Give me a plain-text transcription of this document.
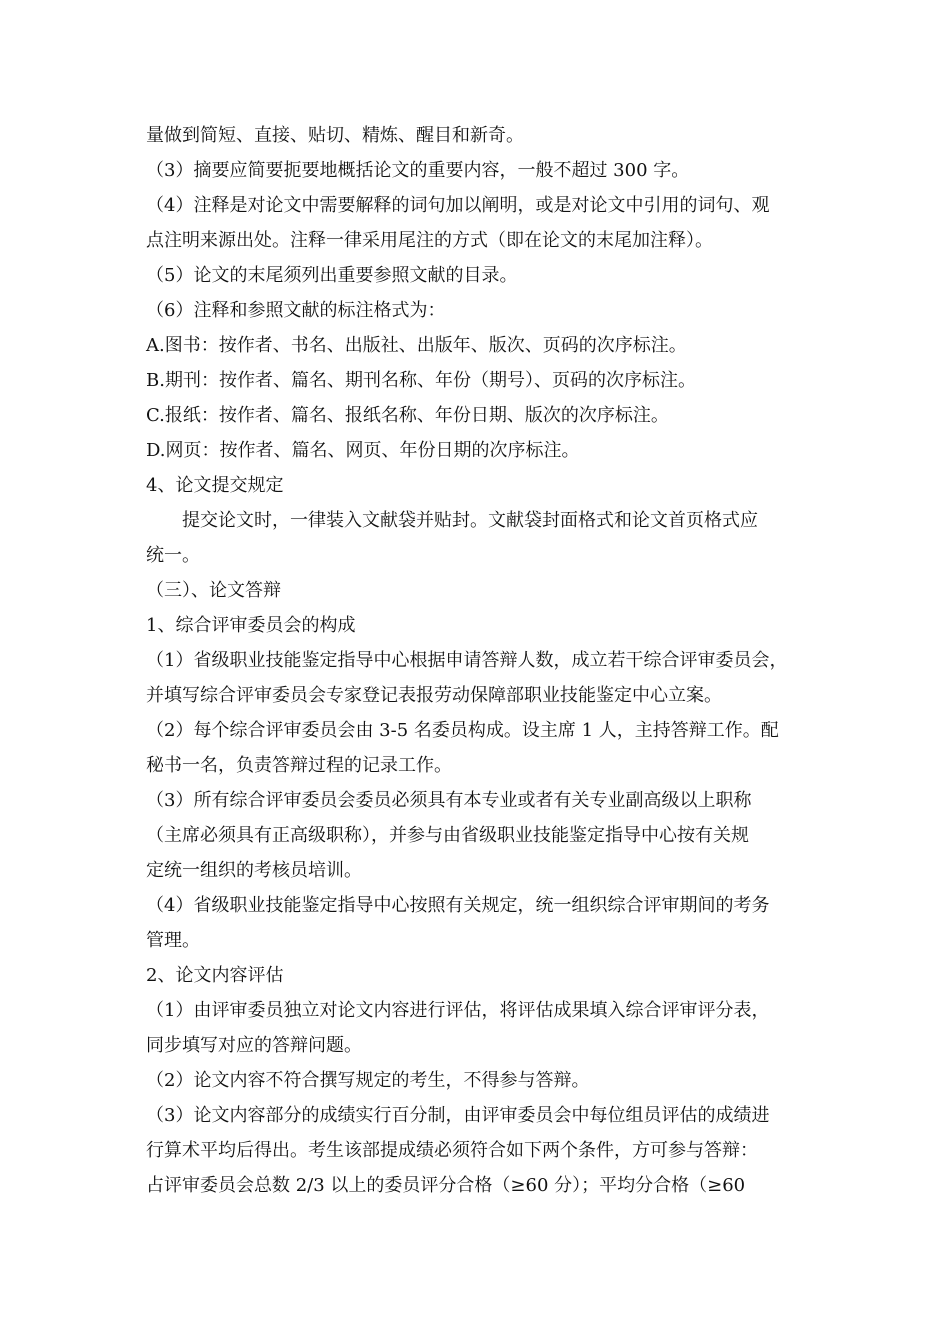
量做到简短、直接、贴切、精炼、醒目和新奇。
（3）摘要应简要扼要地概括论文的重要内容，一般不超过 300 字。
（4）注释是对论文中需要解释的词句加以阐明，或是对论文中引用的词句、观
点注明来源出处。注释一律采用尾注的方式（即在论文的末尾加注释）。
（5）论文的末尾须列出重要参照文献的目录。
（6）注释和参照文献的标注格式为：
A.图书：按作者、书名、出版社、出版年、版次、页码的次序标注。
B.期刊：按作者、篇名、期刊名称、年份（期号）、页码的次序标注。
C.报纸：按作者、篇名、报纸名称、年份日期、版次的次序标注。
D.网页：按作者、篇名、网页、年份日期的次序标注。
4、论文提交规定
　　提交论文时，一律装入文献袋并贴封。文献袋封面格式和论文首页格式应
统一。
（三）、论文答辩
1、综合评审委员会的构成
（1）省级职业技能鉴定指导中心根据申请答辩人数，成立若干综合评审委员会，
并填写综合评审委员会专家登记表报劳动保障部职业技能鉴定中心立案。
（2）每个综合评审委员会由 3-5 名委员构成。设主席 1 人，主持答辩工作。配
秘书一名，负责答辩过程的记录工作。
（3）所有综合评审委员会委员必须具有本专业或者有关专业副高级以上职称
（主席必须具有正高级职称），并参与由省级职业技能鉴定指导中心按有关规
定统一组织的考核员培训。
（4）省级职业技能鉴定指导中心按照有关规定，统一组织综合评审期间的考务
管理。
2、论文内容评估
（1）由评审委员独立对论文内容进行评估，将评估成果填入综合评审评分表，
同步填写对应的答辩问题。
（2）论文内容不符合撰写规定的考生，不得参与答辩。
（3）论文内容部分的成绩实行百分制，由评审委员会中每位组员评估的成绩进
行算术平均后得出。考生该部提成绩必须符合如下两个条件，方可参与答辩：
占评审委员会总数 2/3 以上的委员评分合格（≥60 分）；平均分合格（≥60
